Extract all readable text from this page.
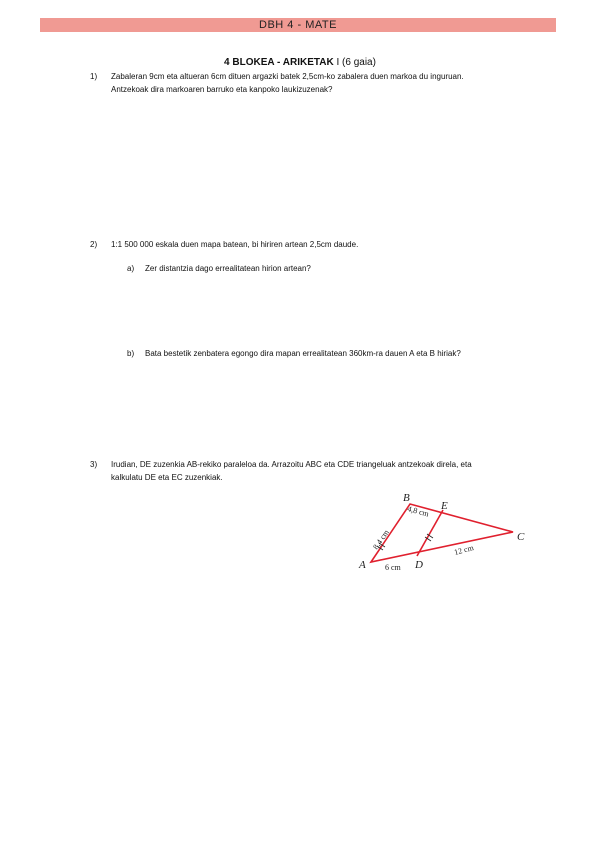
DBH 4 - MATE
4 BLOKEA - ARIKETAK I (6 gaia)
1) Zabaleran 9cm eta altueran 6cm dituen argazki batek 2,5cm-ko zabalera duen markoa du inguruan.
Antzekoak dira markoaren barruko eta kanpoko laukizuzenak?
2) 1:1 500 000 eskala duen mapa batean, bi hiriren artean 2,5cm daude.
a) Zer distantzia dago errealitatean hirion artean?
b) Bata bestetik zenbatera egongo dira mapan errealitatean 360km-ra dauen A eta B hiriak?
3) Irudian, DE zuzenkia AB-rekiko paraleloa da. Arrazoitu ABC eta CDE triangeluak antzekoak direla, eta
kalkulatu DE eta EC zuzenkiak.
A
B
C
D
E
8,4 cm
4,8 cm
6 cm
12 cm
